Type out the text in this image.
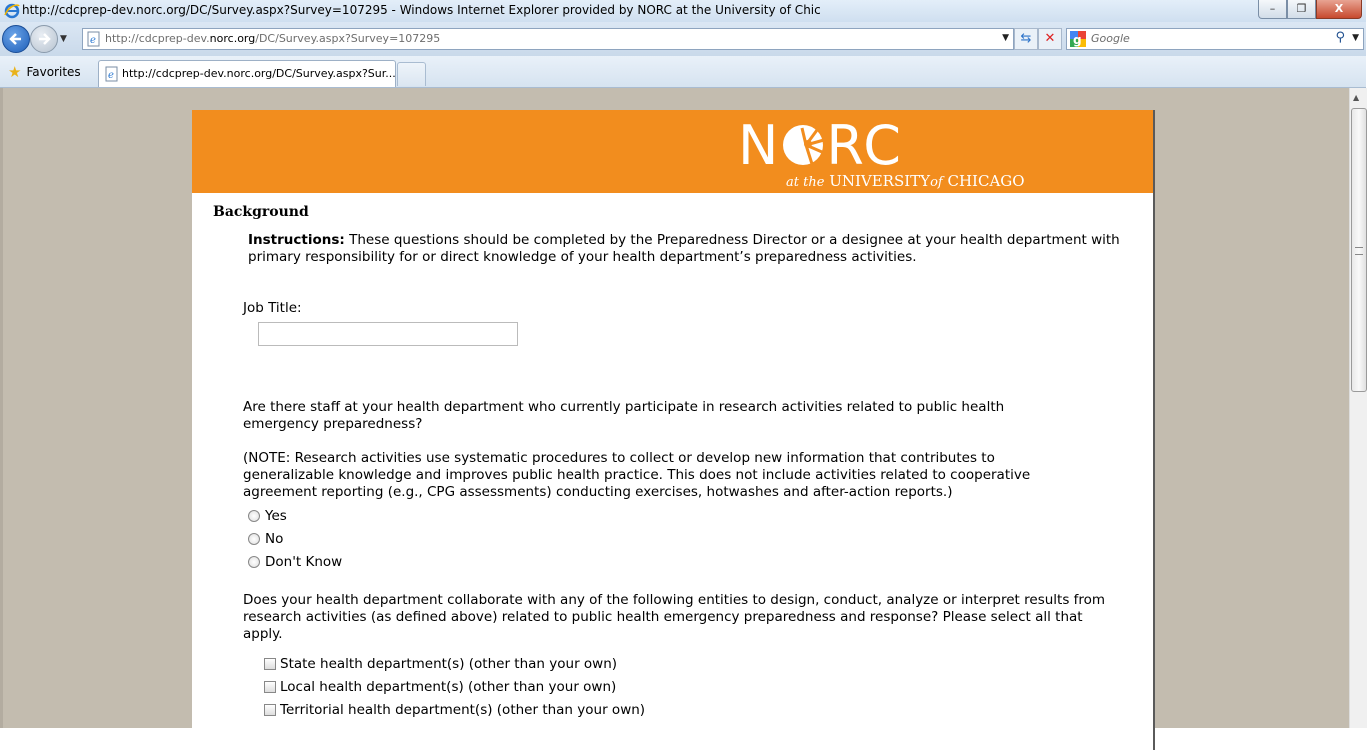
http://cdcprep-dev.norc.org/DC/Survey.aspx?Survey=107295 - Windows Internet Explorer provided by NORC at the University of Chic	–	❐	X
▼ e http://cdcprep-dev.norc.org/DC/Survey.aspx?Survey=107295	▼ ⇆	✕	g Google	⚲ ▼
★ Favorites	e http://cdcprep-dev.norc.org/DC/Survey.aspx?Sur...
N RC
at the UNIVERSITYof CHICAGO
Background
Instructions: These questions should be completed by the Preparedness Director or a designee at your health department with primary responsibility for or direct knowledge of your health department’s preparedness activities.
Job Title:
Are there staff at your health department who currently participate in research activities related to public health emergency preparedness?
(NOTE: Research activities use systematic procedures to collect or develop new information that contributes to generalizable knowledge and improves public health practice. This does not include activities related to cooperative agreement reporting (e.g., CPG assessments) conducting exercises, hotwashes and after-action reports.)
Yes
No
Don't Know
Does your health department collaborate with any of the following entities to design, conduct, analyze or interpret results from research activities (as defined above) related to public health emergency preparedness and response? Please select all that apply.
State health department(s) (other than your own)
Local health department(s) (other than your own)
Territorial health department(s) (other than your own)
▲
